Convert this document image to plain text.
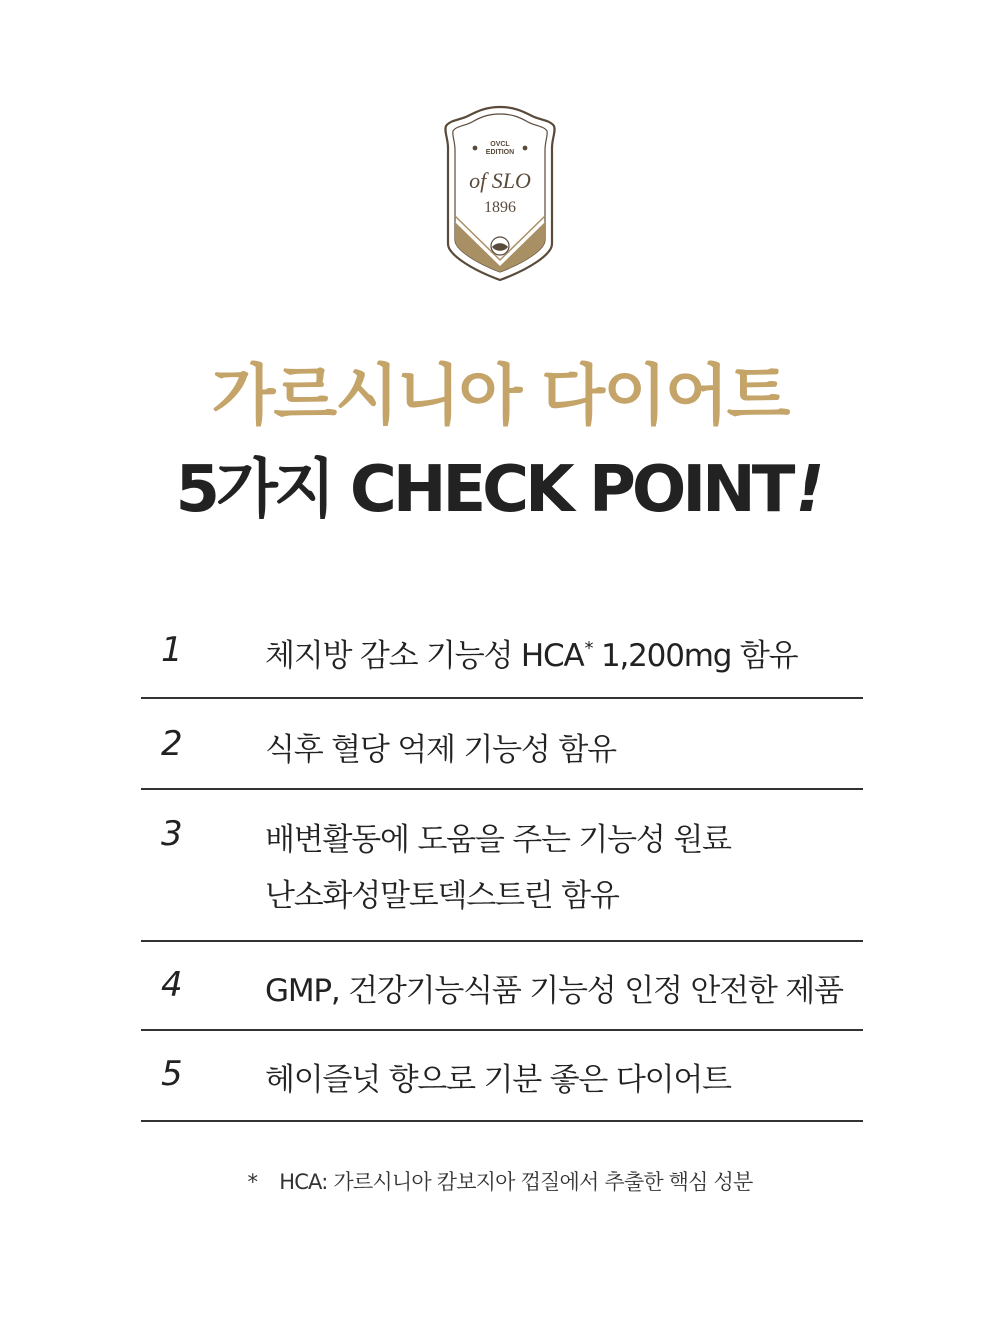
OVCL
EDITION
of SLO
1896
가르시니아 다이어트
5가지 CHECK POINT!
1	체지방 감소 기능성 HCA* 1,200mg 함유
2	식후 혈당 억제 기능성 함유
3	배변활동에 도움을 주는 기능성 원료
난소화성말토덱스트린 함유
4	GMP, 건강기능식품 기능성 인정 안전한 제품
5	헤이즐넛 향으로 기분 좋은 다이어트
* HCA: 가르시니아 캄보지아 껍질에서 추출한 핵심 성분
